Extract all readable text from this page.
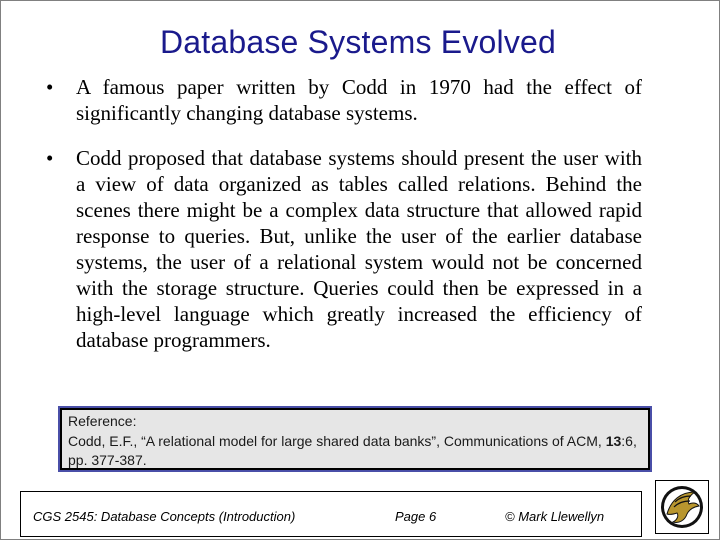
Database Systems Evolved
•	A famous paper written by Codd in 1970 had the effect of significantly changing database systems.
•	Codd proposed that database systems should present the user with a view of data organized as tables called relations. Behind the scenes there might be a complex data structure that allowed rapid response to queries. But, unlike the user of the earlier database systems, the user of a relational system would not be concerned with the storage structure. Queries could then be expressed in a high-level language which greatly increased the efficiency of database programmers.
Reference:
Codd, E.F., “A relational model for large shared data banks”, Communications of ACM, 13:6, pp. 377-387.
CGS 2545: Database Concepts (Introduction)	Page 6	© Mark Llewellyn
